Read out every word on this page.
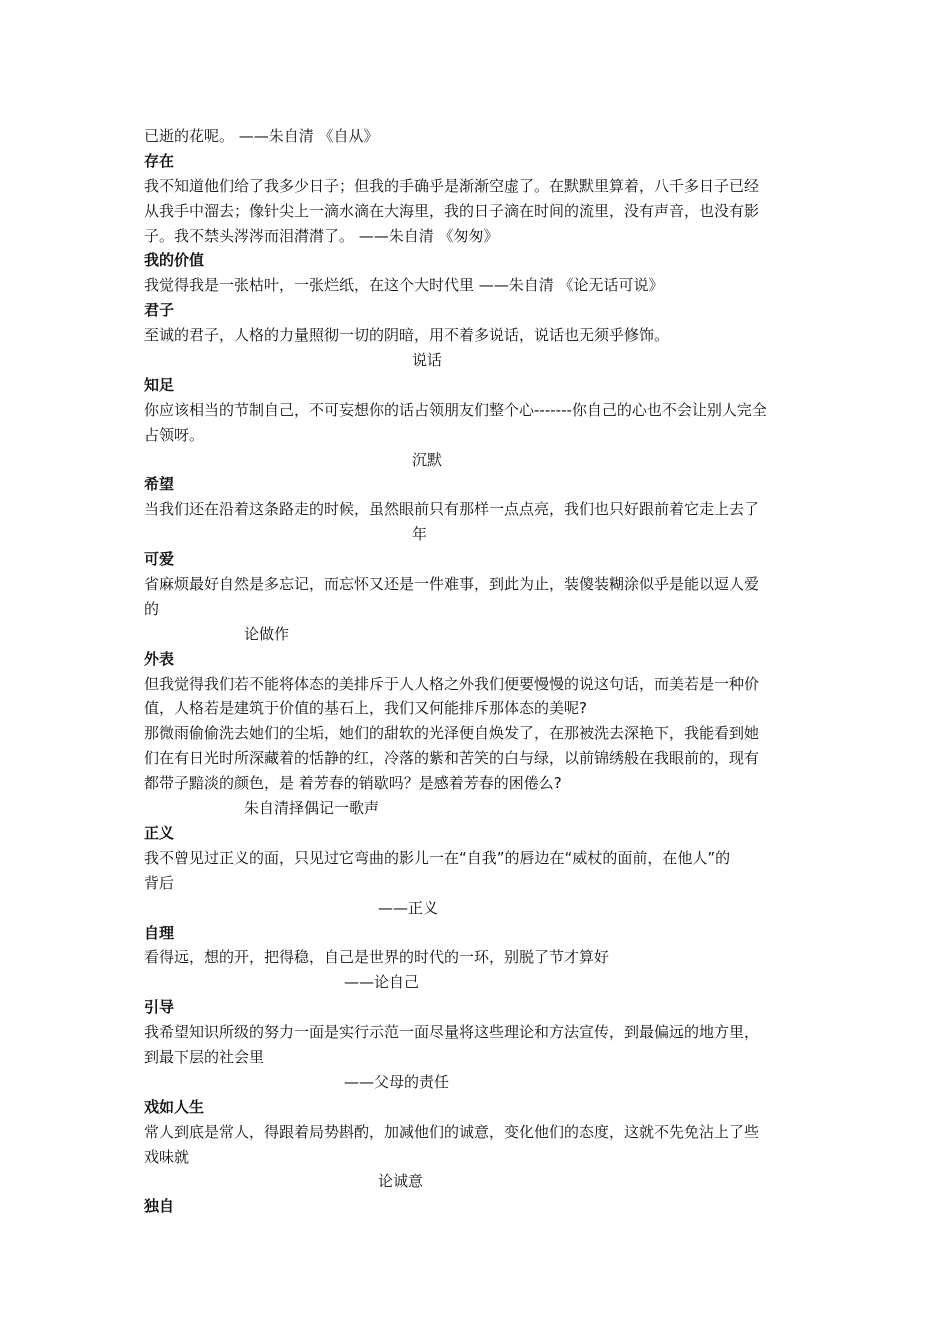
已逝的花呢。 ——朱自清 《自从》
存在
我不知道他们给了我多少日子；但我的手确乎是渐渐空虚了。在默默里算着，八千多日子已经
从我手中溜去；像针尖上一滴水滴在大海里，我的日子滴在时间的流里，没有声音，也没有影
子。我不禁头涔涔而泪潸潸了。 ——朱自清 《匆匆》
我的价值
我觉得我是一张枯叶，一张烂纸，在这个大时代里 ——朱自清 《论无话可说》
君子
至诚的君子，人格的力量照彻一切的阴暗，用不着多说话，说话也无须乎修饰。
说话
知足
你应该相当的节制自己，不可妄想你的话占领朋友们整个心-------你自己的心也不会让别人完全
占领呀。
沉默
希望
当我们还在沿着这条路走的时候，虽然眼前只有那样一点点亮，我们也只好跟前着它走上去了
年
可爱
省麻烦最好自然是多忘记，而忘怀又还是一件难事，到此为止，装傻装糊涂似乎是能以逗人爱
的
论做作
外表
但我觉得我们若不能将体态的美排斥于人人格之外我们便要慢慢的说这句话，而美若是一种价
值，人格若是建筑于价值的基石上，我们又何能排斥那体态的美呢?
那微雨偷偷洗去她们的尘垢，她们的甜软的光泽便自焕发了，在那被洗去深艳下，我能看到她
们在有日光时所深藏着的恬静的红，冷落的紫和苦笑的白与绿，以前锦绣般在我眼前的，现有
都带子黯淡的颜色，是 着芳春的销歇吗？是感着芳春的困倦么?
朱自清择偶记一歌声
正义
我不曾见过正义的面，只见过它弯曲的影儿一在“自我”的唇边在“威杖的面前，在他人”的
背后
——正义
自理
看得远，想的开，把得稳，自己是世界的时代的一环，别脱了节才算好
——论自己
引导
我希望知识所级的努力一面是实行示范一面尽量将这些理论和方法宣传，到最偏远的地方里，
到最下层的社会里
——父母的责任
戏如人生
常人到底是常人，得跟着局势斟酌，加减他们的诚意，变化他们的态度，这就不先免沾上了些
戏味就
论诚意
独自
